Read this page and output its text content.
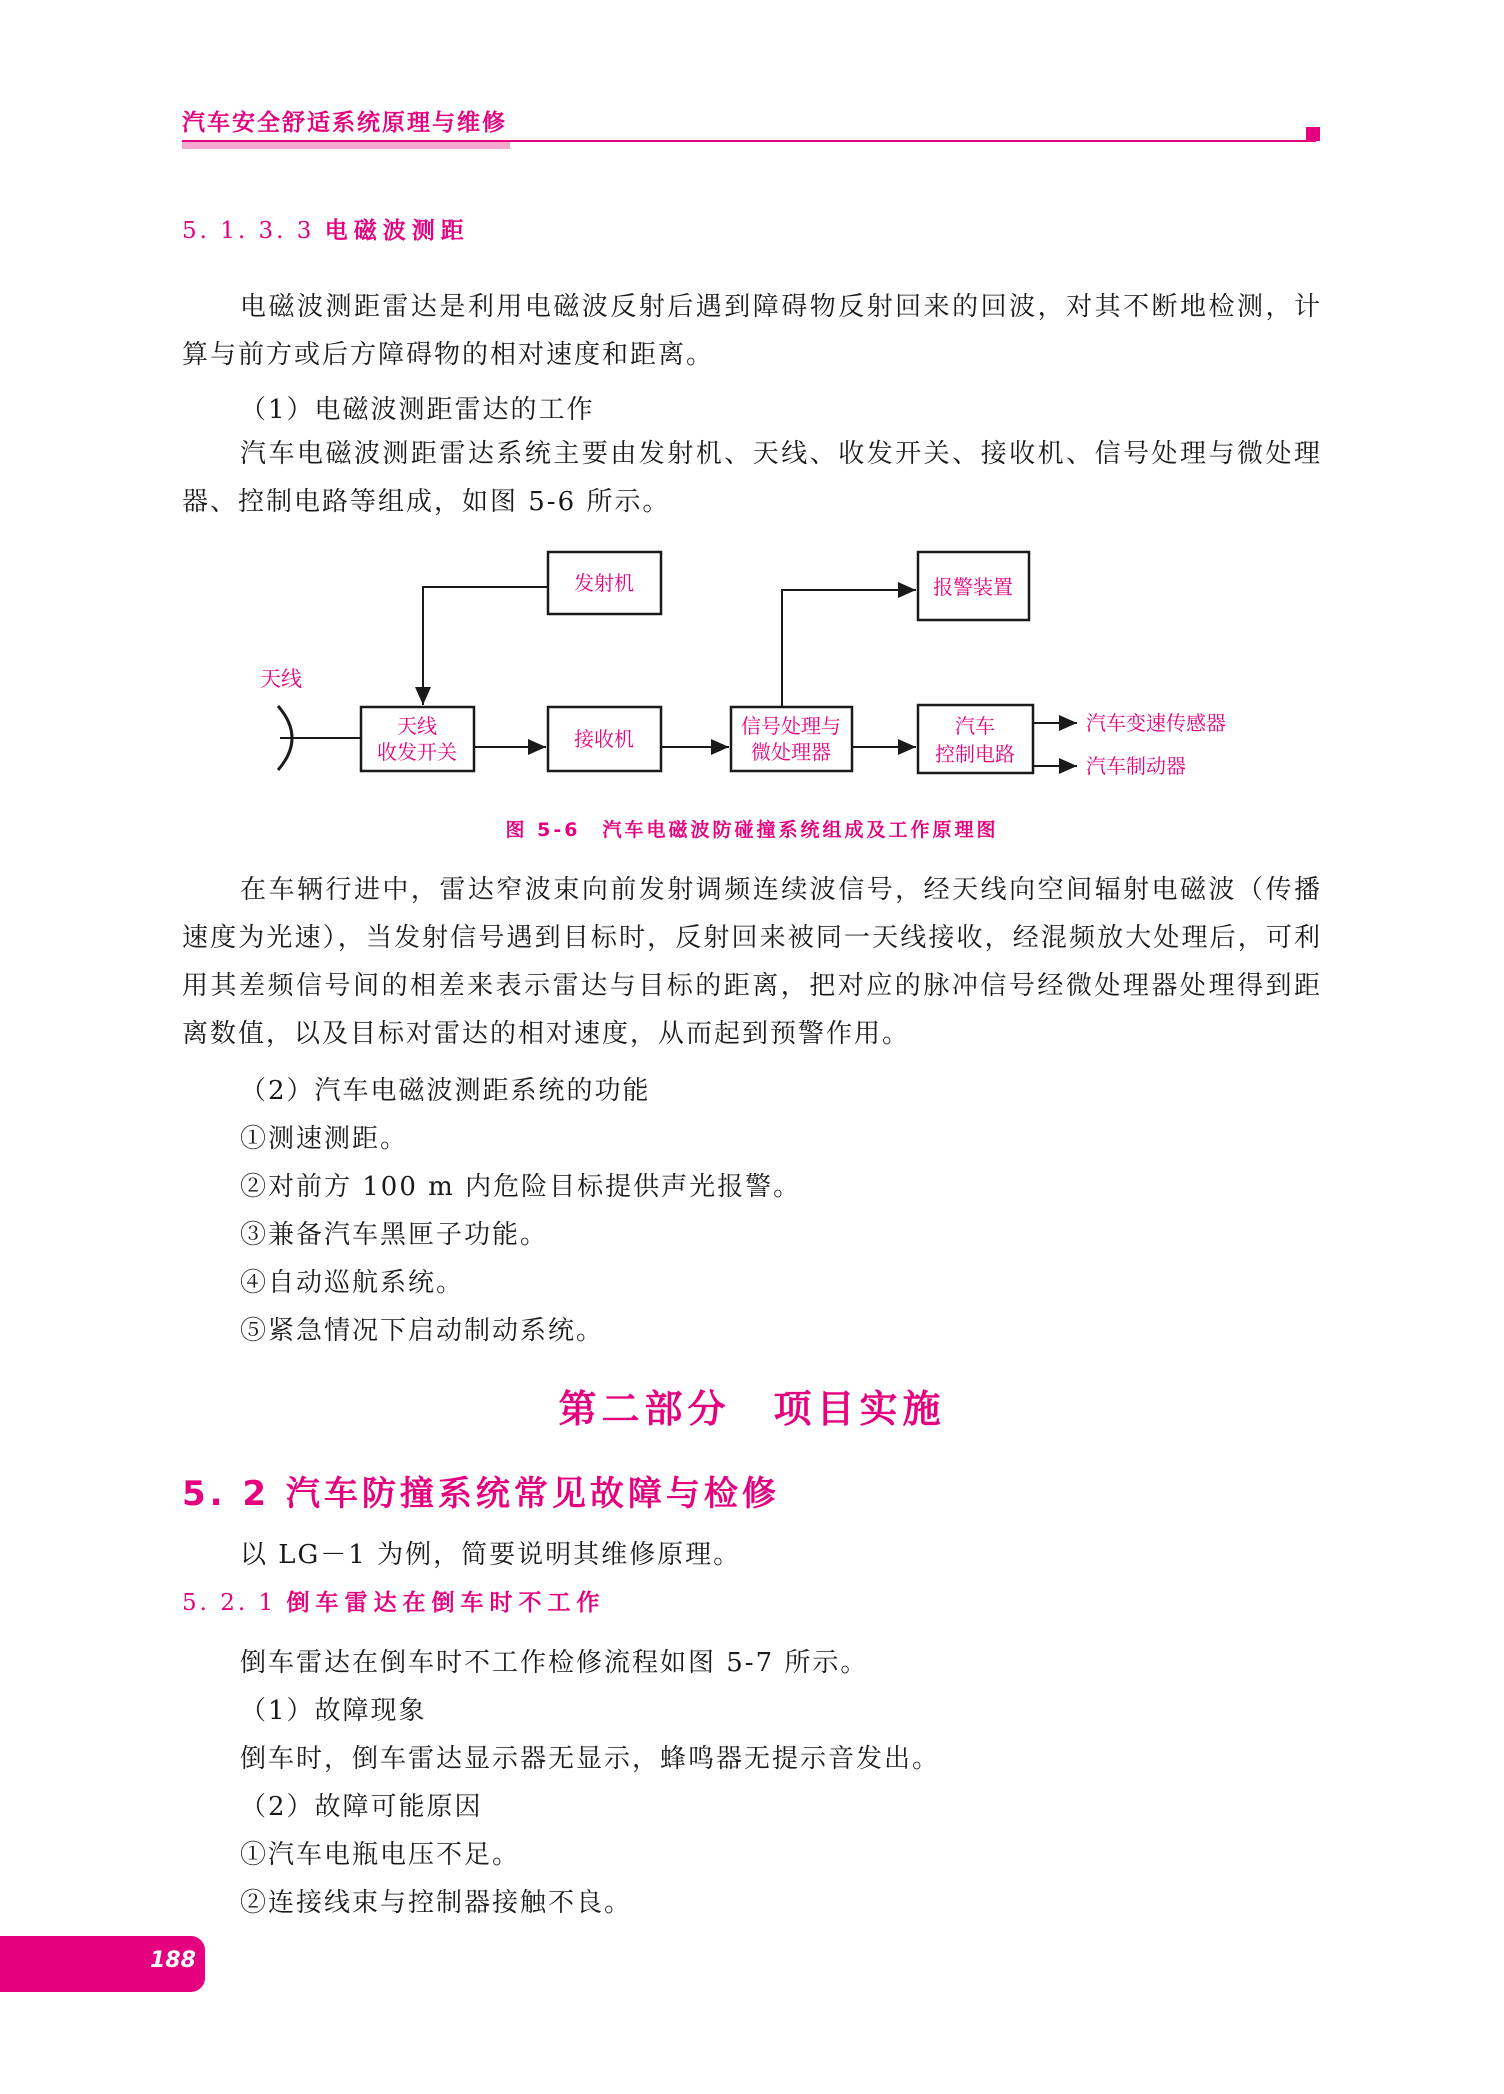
汽车安全舒适系统原理与维修
5. 1. 3. 3 电磁波测距
电磁波测距雷达是利用电磁波反射后遇到障碍物反射回来的回波，对其不断地检测，计算与前方或后方障碍物的相对速度和距离。
（1）电磁波测距雷达的工作
汽车电磁波测距雷达系统主要由发射机、天线、收发开关、接收机、信号处理与微处理器、控制电路等组成，如图 5-6 所示。
天线
天线
收发开关
发射机
接收机
信号处理与
微处理器
报警装置
汽车
控制电路
汽车变速传感器
汽车制动器
图 5-6　汽车电磁波防碰撞系统组成及工作原理图
在车辆行进中，雷达窄波束向前发射调频连续波信号，经天线向空间辐射电磁波（传播速度为光速），当发射信号遇到目标时，反射回来被同一天线接收，经混频放大处理后，可利用其差频信号间的相差来表示雷达与目标的距离，把对应的脉冲信号经微处理器处理得到距离数值，以及目标对雷达的相对速度，从而起到预警作用。
（2）汽车电磁波测距系统的功能
①测速测距。
②对前方 100 m 内危险目标提供声光报警。
③兼备汽车黑匣子功能。
④自动巡航系统。
⑤紧急情况下启动制动系统。
第二部分　项目实施
5. 2 汽车防撞系统常见故障与检修
以 LG－1 为例，简要说明其维修原理。
5. 2. 1 倒车雷达在倒车时不工作
倒车雷达在倒车时不工作检修流程如图 5-7 所示。
（1）故障现象
倒车时，倒车雷达显示器无显示，蜂鸣器无提示音发出。
（2）故障可能原因
①汽车电瓶电压不足。
②连接线束与控制器接触不良。
188
